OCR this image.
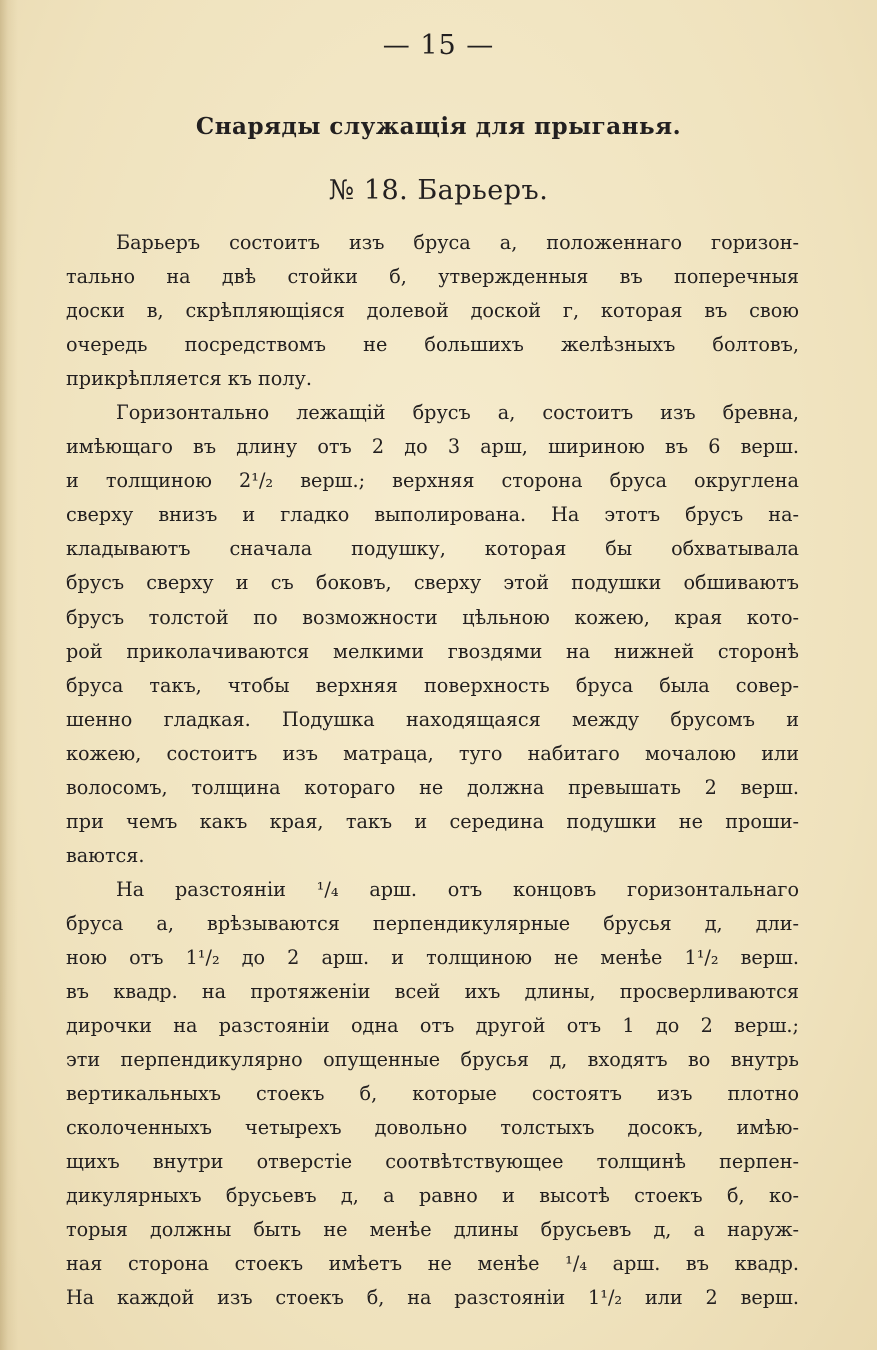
— 15 —
Снаряды служащія для прыганья.
№ 18. Барьеръ.
Барьеръ состоитъ изъ бруса а, положеннаго горизон-
тально на двѣ стойки б, утвержденныя въ поперечныя
доски в, скрѣпляющіяся долевой доской г, которая въ свою
очередь посредствомъ не большихъ желѣзныхъ болтовъ,
прикрѣпляется къ полу.
Горизонтально лежащій брусъ а, состоитъ изъ бревна,
имѣющаго въ длину отъ 2 до 3 арш, шириною въ 6 верш.
и толщиною 2¹/₂ верш.; верхняя сторона бруса округлена
сверху внизъ и гладко выполирована. На этотъ брусъ на-
кладываютъ сначала подушку, которая бы обхватывала
брусъ сверху и съ боковъ, сверху этой подушки обшиваютъ
брусъ толстой по возможности цѣльною кожею, края кото-
рой приколачиваются мелкими гвоздями на нижней сторонѣ
бруса такъ, чтобы верхняя поверхность бруса была совер-
шенно гладкая. Подушка находящаяся между брусомъ и
кожею, состоитъ изъ матраца, туго набитаго мочалою или
волосомъ, толщина котораго не должна превышать 2 верш.
при чемъ какъ края, такъ и середина подушки не проши-
ваются.
На разстояніи ¹/₄ арш. отъ концовъ горизонтальнаго
бруса а, врѣзываются перпендикулярные брусья д, дли-
ною отъ 1¹/₂ до 2 арш. и толщиною не менѣе 1¹/₂ верш.
въ квадр. на протяженіи всей ихъ длины, просверливаются
дирочки на разстояніи одна отъ другой отъ 1 до 2 верш.;
эти перпендикулярно опущенные брусья д, входятъ во внутрь
вертикальныхъ стоекъ б, которые состоятъ изъ плотно
сколоченныхъ четырехъ довольно толстыхъ досокъ, имѣю-
щихъ внутри отверстіе соотвѣтствующее толщинѣ перпен-
дикулярныхъ брусьевъ д, а равно и высотѣ стоекъ б, ко-
торыя должны быть не менѣе длины брусьевъ д, а наруж-
ная сторона стоекъ имѣетъ не менѣе ¹/₄ арш. въ квадр.
На каждой изъ стоекъ б, на разстояніи 1¹/₂ или 2 верш.
